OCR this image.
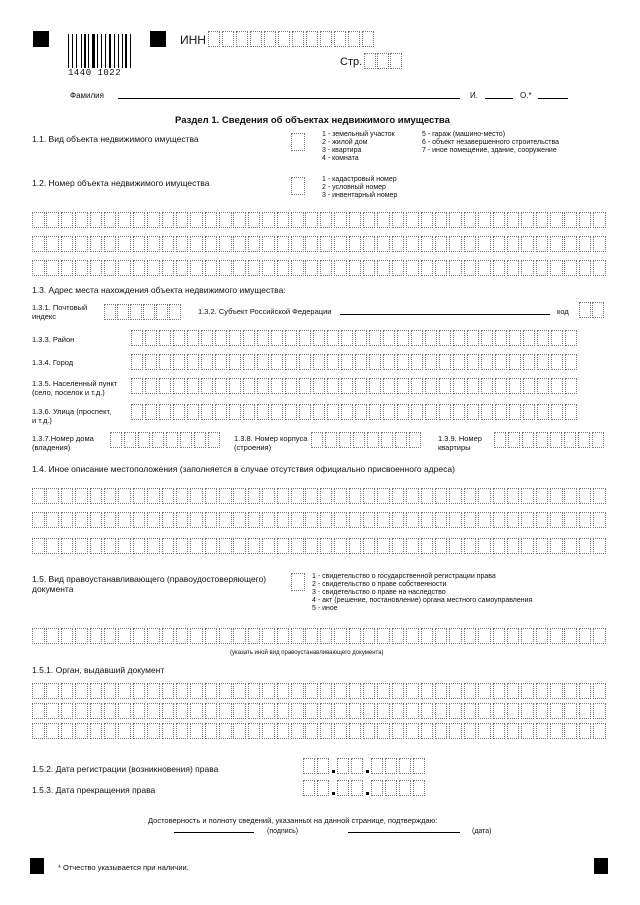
1440 1022
ИНН
Стр.
Фамилия	И.	О.*
Раздел 1. Сведения об объектах недвижимого имущества
1.1. Вид объекта недвижимого имущества	1 - земельный участок
2 - жилой дом
3 - квартира
4 - комната
5 - гараж (машино-место)
6 - объект незавершенного строительства
7 - иное помещение, здание, сооружение
1.2. Номер объекта недвижимого имущества	1 - кадастровый номер
2 - условный номер
3 - инвентарный номер
1.3. Адрес места нахождения объекта недвижимого имущества:
1.3.1. Почтовый индекс
1.3.2. Субъект Российской Федерации	код
1.3.3. Район
1.3.4. Город
1.3.5. Населенный пункт (село, поселок и т.д.)
1.3.6. Улица (проспект, и т.д.)
1.3.7.Номер дома (владения)
1.3.8. Номер корпуса (строения)
1.3.9. Номер квартиры
1.4. Иное описание местоположения (заполняется в случае отсутствия официально присвоенного адреса)
1.5. Вид правоустанавливающего (правоудостоверяющего) документа
1 - свидетельство о государственной регистрации права
2 - свидетельство о праве собственности
3 - свидетельство о праве на наследство
4 - акт (решение, постановление) органа местного самоуправления
5 - иное
(указать иной вид правоустанавливающего документа)
1.5.1. Орган, выдавший документ
1.5.2. Дата регистрации (возникновения) права
1.5.3. Дата прекращения права
Достоверность и полноту сведений, указанных на данной странице, подтверждаю:
(подпись)	(дата)
* Отчество указывается при наличии.
